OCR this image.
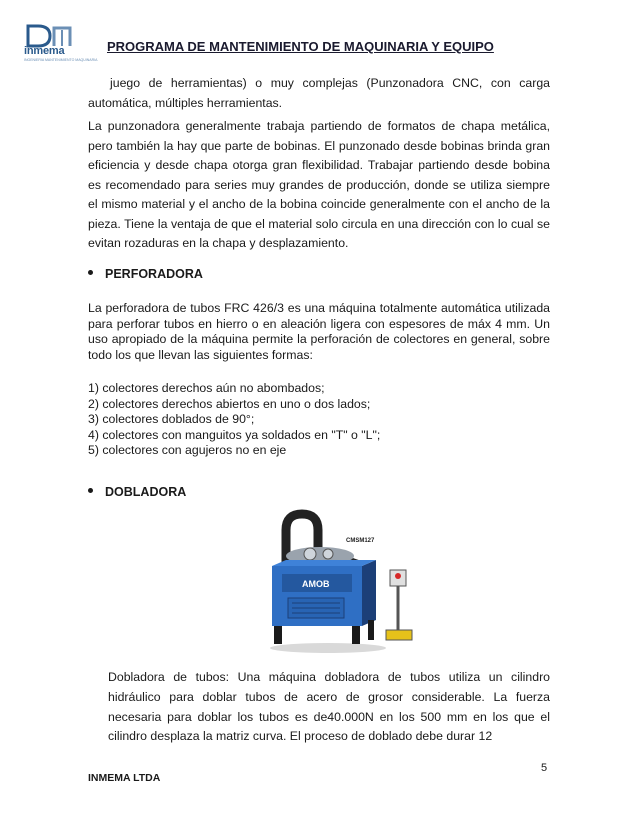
inmema
INGENIERIA MANTENIMIENTO MAQUINARIA
PROGRAMA DE MANTENIMIENTO DE MAQUINARIA Y EQUIPO
juego de herramientas) o muy complejas (Punzonadora CNC, con carga automática, múltiples herramientas.
La punzonadora generalmente trabaja partiendo de formatos de chapa metálica, pero también la hay que parte de bobinas. El punzonado desde bobinas brinda gran eficiencia y desde chapa otorga gran flexibilidad. Trabajar partiendo desde bobina es recomendado para series muy grandes de producción, donde se utiliza siempre el mismo material y el ancho de la bobina coincide generalmente con el ancho de la pieza. Tiene la ventaja de que el material solo circula en una dirección con lo cual se evitan rozaduras en la chapa y desplazamiento.
PERFORADORA
La perforadora de tubos FRC 426/3 es una máquina totalmente automática utilizada para perforar tubos en hierro o en aleación ligera con espesores de máx 4 mm. Un uso apropiado de la máquina permite la perforación de colectores en general, sobre todo los que llevan las siguientes formas:
1) colectores derechos aún no abombados;
2) colectores derechos abiertos en uno o dos lados;
3) colectores doblados de 90°;
4) colectores con manguitos ya soldados en "T" o "L";
5) colectores con agujeros no en eje
DOBLADORA
AMOB
CMSM127
Dobladora de tubos: Una máquina dobladora de tubos utiliza un cilindro hidráulico para doblar tubos de acero de grosor considerable. La fuerza necesaria para doblar los tubos es de40.000N en los 500 mm en los que el cilindro desplaza la matriz curva. El proceso de doblado debe durar 12
5
INMEMA LTDA
